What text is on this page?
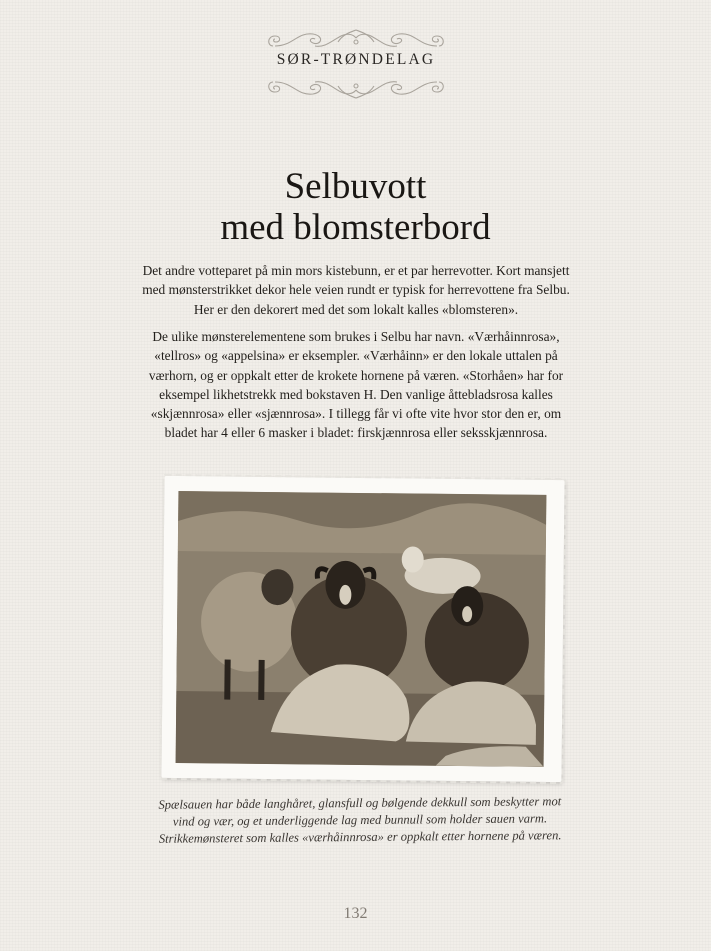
SØR-TRØNDELAG
Selbuvott
med blomsterbord

Det andre votteparet på min mors kistebunn, er et par herrevotter. Kort mansjett med mønsterstrikket dekor hele veien rundt er typisk for herrevottene fra Selbu. Her er den dekorert med det som lokalt kalles «blomsteren».

De ulike mønsterelementene som brukes i Selbu har navn. «Værhåinnrosa», «tellros» og «appelsina» er eksempler. «Værhåinn» er den lokale uttalen på værhorn, og er oppkalt etter de krokete hornene på væren. «Storhåen» har for eksempel likhetstrekk med bokstaven H. Den vanlige åttebladsrosa kalles «skjænnrosa» eller «sjænnrosa». I tillegg får vi ofte vite hvor stor den er, om bladet har 4 eller 6 masker i bladet: firskjænnrosa eller seksskjænnrosa.

Spælsauen har både langhåret, glansfull og bølgende dekkull som beskytter mot vind og vær, og et underliggende lag med bunnull som holder sauen varm. Strikkemønsteret som kalles «værhåinnrosa» er oppkalt etter hornene på væren.

132
